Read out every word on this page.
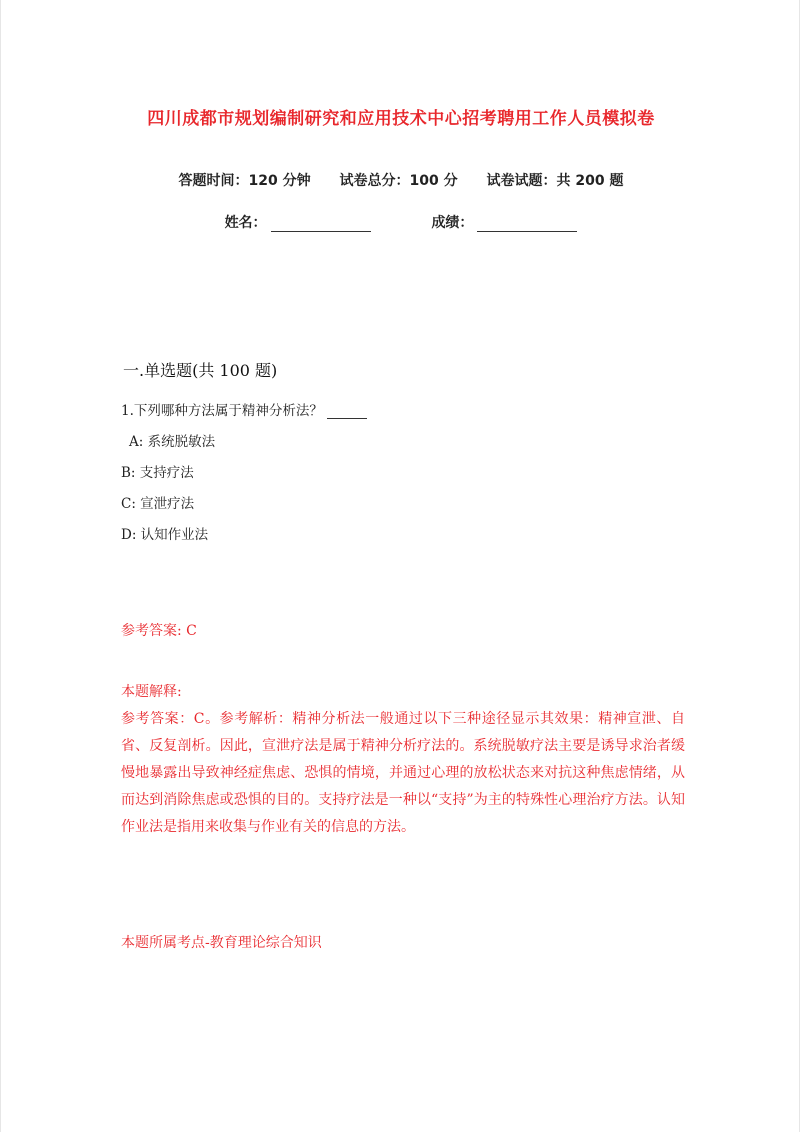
四川成都市规划编制研究和应用技术中心招考聘用工作人员模拟卷
答题时间：120 分钟 试卷总分：100 分 试卷试题：共 200 题
姓名：	成绩：
一.单选题(共 100 题)
1.下列哪种方法属于精神分析法？
A: 系统脱敏法
B: 支持疗法
C: 宣泄疗法
D: 认知作业法
参考答案: C
本题解释:
参考答案：C。参考解析：精神分析法一般通过以下三种途径显示其效果：精神宣泄、自省、反复剖析。因此，宣泄疗法是属于精神分析疗法的。系统脱敏疗法主要是诱导求治者缓慢地暴露出导致神经症焦虑、恐惧的情境，并通过心理的放松状态来对抗这种焦虑情绪，从而达到消除焦虑或恐惧的目的。支持疗法是一种以“支持”为主的特殊性心理治疗方法。认知作业法是指用来收集与作业有关的信息的方法。
本题所属考点-教育理论综合知识
